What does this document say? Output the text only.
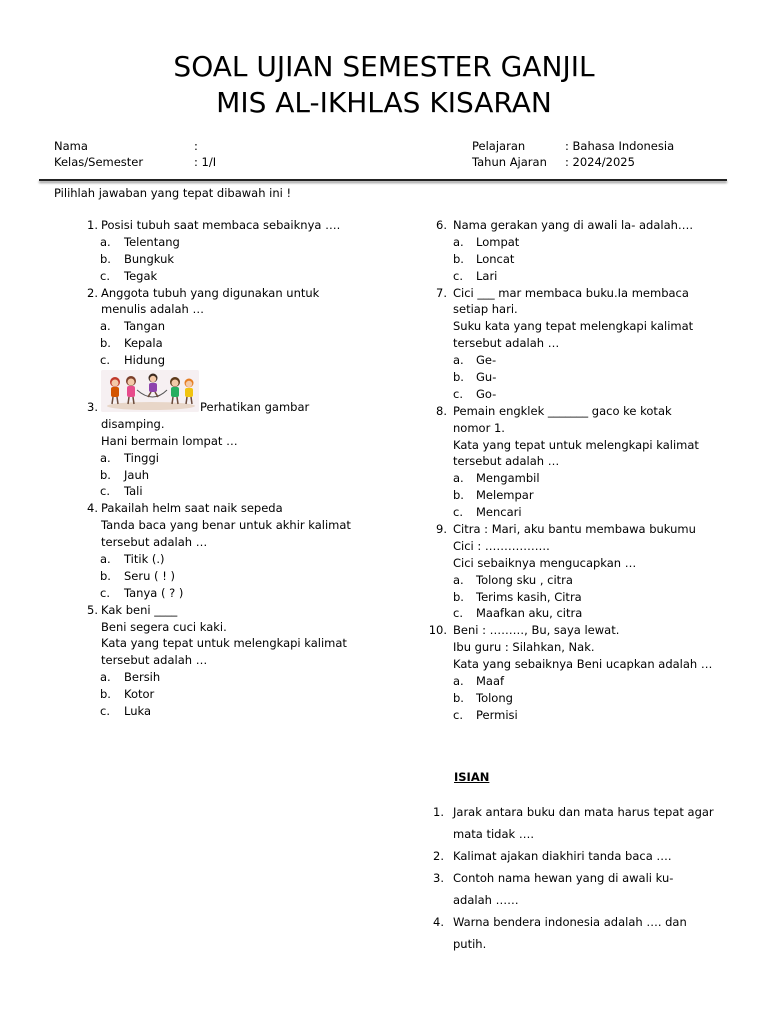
SOAL UJIAN SEMESTER GANJIL
MIS AL-IKHLAS KISARAN
Nama	:
Kelas/Semester	: 1/I
Pelajaran	: Bahasa Indonesia
Tahun Ajaran : 2024/2025
Pilihlah jawaban yang tepat dibawah ini !
1. Posisi tubuh saat membaca sebaiknya ….
a. Telentang
b. Bungkuk
c. Tegak
2. Anggota tubuh yang digunakan untuk
menulis adalah …
a. Tangan
b. Kepala
c. Hidung
3.	Perhatikan gambar
disamping.
Hani bermain lompat …
a. Tinggi
b. Jauh
c. Tali
4. Pakailah helm saat naik sepeda
Tanda baca yang benar untuk akhir kalimat
tersebut adalah …
a. Titik (.)
b. Seru ( ! )
c. Tanya ( ? )
5. Kak beni ____
Beni segera cuci kaki.
Kata yang tepat untuk melengkapi kalimat
tersebut adalah …
a. Bersih
b. Kotor
c. Luka
6. Nama gerakan yang di awali la- adalah….
a. Lompat
b. Loncat
c. Lari
7. Cici ___ mar membaca buku.Ia membaca
setiap hari.
Suku kata yang tepat melengkapi kalimat
tersebut adalah …
a. Ge-
b. Gu-
c. Go-
8. Pemain engklek _______ gaco ke kotak
nomor 1.
Kata yang tepat untuk melengkapi kalimat
tersebut adalah …
a. Mengambil
b. Melempar
c. Mencari
9. Citra : Mari, aku bantu membawa bukumu
Cici : ……………..
Cici sebaiknya mengucapkan …
a. Tolong sku , citra
b. Terims kasih, Citra
c. Maafkan aku, citra
10. Beni : ………, Bu, saya lewat.
Ibu guru : Silahkan, Nak.
Kata yang sebaiknya Beni ucapkan adalah …
a. Maaf
b. Tolong
c. Permisi
ISIAN
1. Jarak antara buku dan mata harus tepat agar
mata tidak ….
2. Kalimat ajakan diakhiri tanda baca ….
3. Contoh nama hewan yang di awali ku-
adalah ……
4. Warna bendera indonesia adalah …. dan
putih.
